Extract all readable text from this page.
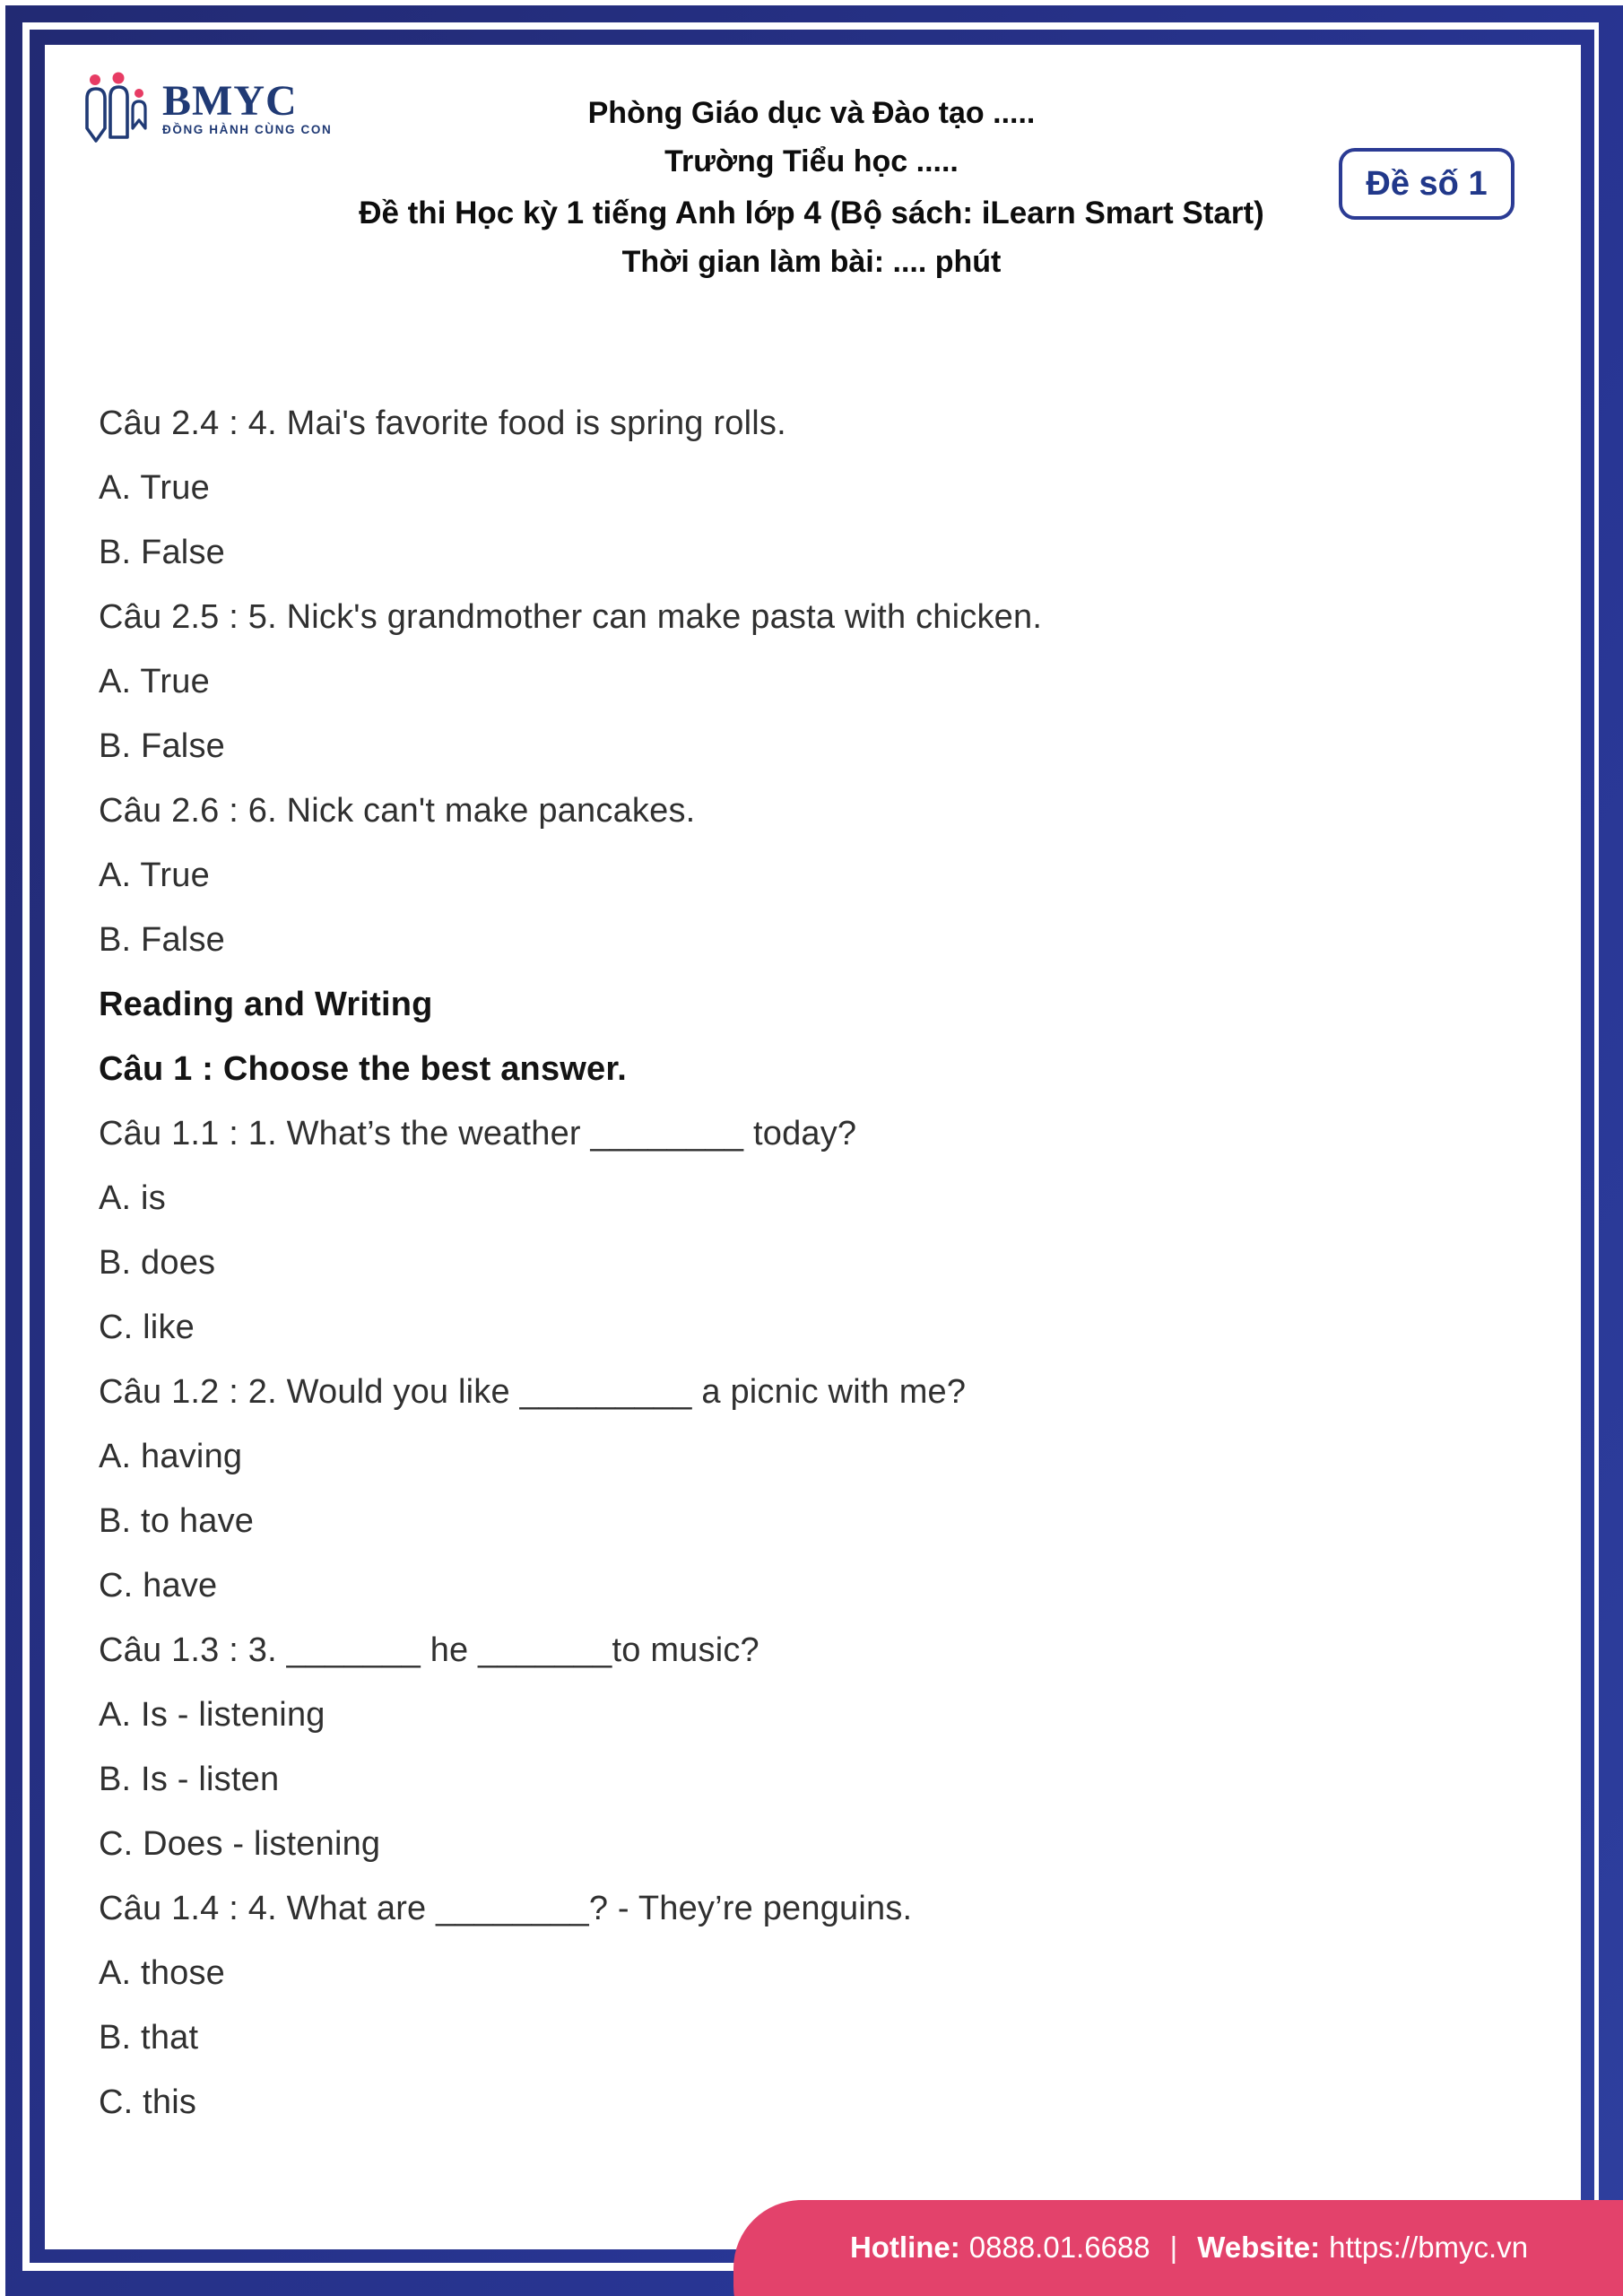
BMYC
ĐỒNG HÀNH CÙNG CON	Phòng Giáo dục và Đào tạo .....
Trường Tiểu học .....
Đề thi Học kỳ 1 tiếng Anh lớp 4 (Bộ sách: iLearn Smart Start)
Thời gian làm bài: .... phút
Đề số 1
Câu 2.4 : 4. Mai's favorite food is spring rolls.
A. True
B. False
Câu 2.5 : 5. Nick's grandmother can make pasta with chicken.
A. True
B. False
Câu 2.6 : 6. Nick can't make pancakes.
A. True
B. False
Reading and Writing
Câu 1 : Choose the best answer.
Câu 1.1 : 1. What’s the weather ________ today?
A. is
B. does
C. like
Câu 1.2 : 2. Would you like _________ a picnic with me?
A. having
B. to have
C. have
Câu 1.3 : 3. _______ he _______to music?
A. Is - listening
B. Is - listen
C. Does - listening
Câu 1.4 : 4. What are ________? - They’re penguins.
A. those
B. that
C. this
Hotline: 0888.01.6688 | Website: https://bmyc.vn
